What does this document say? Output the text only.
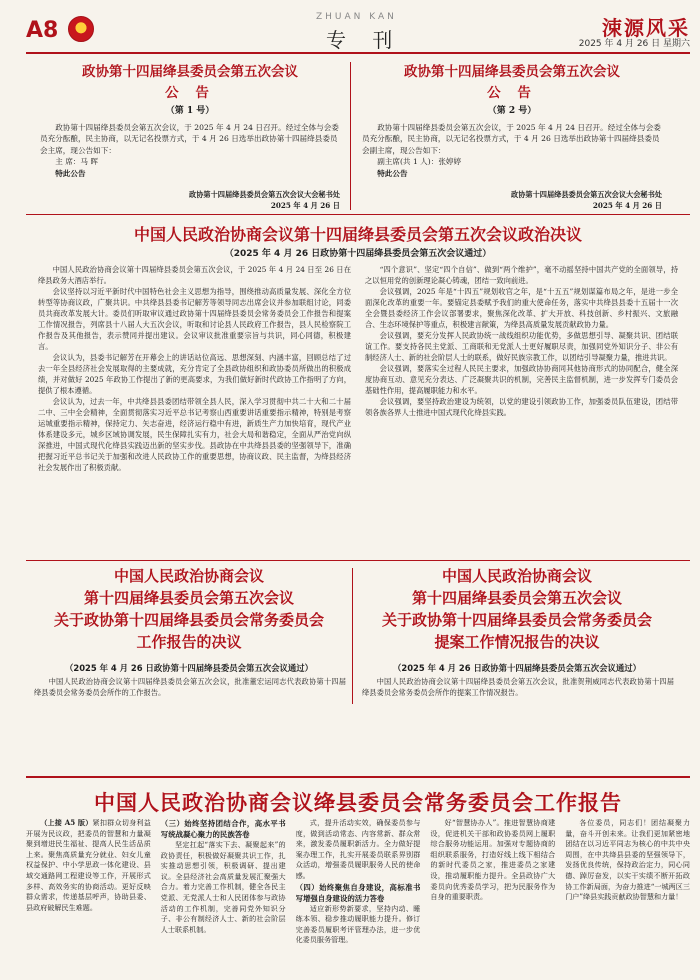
A8
ZHUAN KAN
专 刊	涑源风采
2025 年 4 月 26 日 星期六
政协第十四届绛县委员会第五次会议
公 告
（第 1 号）
政协第十四届绛县委员会第五次会议，于 2025 年 4 月 24 日召开。经过全体与会委员充分酝酿，民主协商，以无记名投票方式，于 4 月 26 日选举出政协第十四届绛县委员会主席，现公告如下：
主 席：马 晖
特此公告
政协第十四届绛县委员会第五次会议大会秘书处
2025 年 4 月 26 日
政协第十四届绛县委员会第五次会议
公 告
（第 2 号）
政协第十四届绛县委员会第五次会议，于 2025 年 4 月 24 日召开。经过全体与会委员充分酝酿，民主协商，以无记名投票方式，于 4 月 26 日选举出政协第十四届绛县委员会副主席，现公告如下：
副主席(共 1 人)：张婷婷
特此公告
政协第十四届绛县委员会第五次会议大会秘书处
2025 年 4 月 26 日
中国人民政治协商会议第十四届绛县委员会第五次会议政治决议
（2025 年 4 月 26 日政协第十四届绛县委员会第五次会议通过）

中国人民政治协商会议第十四届绛县委员会第五次会议，于 2025 年 4 月 24 日至 26 日在绛县政务大酒店举行。

会议坚持以习近平新时代中国特色社会主义思想为指导，围绕推动高质量发展、深化全方位转型等协商议政，广聚共识。中共绛县县委书记解芳等领导同志出席会议并参加联组讨论，同委员共商改革发展大计。委员们听取审议通过政协第十四届绛县委员会常务委员会工作报告和提案工作情况报告，列席县十八届人大五次会议，听取和讨论县人民政府工作报告，县人民检察院工作报告及其他报告，表示赞同并提出建议。会议审议批准重要宗旨与共识，同心同德，积极建言。

会议认为，县委书记解芳在开幕会上的讲话站位高远、思想深刻、内涵丰富，回顾总结了过去一年全县经济社会发展取得的主要成就，充分肯定了全县政协组织和政协委员所做出的积极成绩，并对做好 2025 年政协工作提出了新的更高要求，为我们做好新时代政协工作指明了方向，提供了根本遵循。

会议认为，过去一年，中共绛县县委团结带领全县人民，深入学习贯彻中共二十大和二十届二中、三中全会精神，全面贯彻落实习近平总书记考察山西重要讲话重要指示精神，特别是考察运城重要指示精神，保持定力、矢志奋进，经济运行稳中有进，新质生产力加快培育，现代产业体系建设多元，城乡区域协调发展，民生保障扎实有力，社会大局和谐稳定，全面从严治党向纵深推进，中国式现代化绛县实践迈出新的坚实步伐。县政协在中共绛县县委的坚强领导下，准确把握习近平总书记关于加强和改进人民政协工作的重要思想，协商议政、民主监督，为绛县经济社会发展作出了积极贡献。

“四个意识”、坚定“四个自信”、做到“两个维护”，毫不动摇坚持中国共产党的全面领导，持之以恒用党的创新理论凝心铸魂，团结一致向前进。

会议强调，2025 年是“十四五”规划收官之年，是“十五五”规划谋篇布局之年，是进一步全面深化改革的重要一年。要锚定县委赋予我们的重大使命任务，落实中共绛县县委十五届十一次全会暨县委经济工作会议部署要求，聚焦深化改革、扩大开放、科技创新、乡村振兴、文旅融合、生态环境保护等重点，积极建言献策，为绛县高质量发展贡献政协力量。

会议强调，要充分发挥人民政协统一战线组织功能优势，多做思想引导、凝聚共识、团结联谊工作。要支持各民主党派、工商联和无党派人士更好履职尽责，加强同党外知识分子、非公有制经济人士、新的社会阶层人士的联系，做好民族宗教工作，以团结引导凝聚力量，推进共识。

会议强调，要落实全过程人民民主要求，加强政协协商同其他协商形式的协同配合，健全深度协商互动、意见充分表达、广泛凝聚共识的机制，完善民主监督机制，进一步发挥专门委员会基础性作用，提高履职能力和水平。

会议强调，要坚持政治建设为统领，以党的建设引领政协工作，加强委员队伍建设，团结带领各族各界人士推进中国式现代化绛县实践。

中国人民政治协商会议
第十四届绛县委员会第五次会议
关于政协第十四届绛县委员会常务委员会
工作报告的决议
（2025 年 4 月 26 日政协第十四届绛县委员会第五次会议通过）
中国人民政治协商会议第十四届绛县委员会第五次会议，批准董宏运同志代表政协第十四届绛县委员会常务委员会所作的工作报告。
中国人民政治协商会议
第十四届绛县委员会第五次会议
关于政协第十四届绛县委员会常务委员会
提案工作情况报告的决议
（2025 年 4 月 26 日政协第十四届绛县委员会第五次会议通过）
中国人民政治协商会议第十四届绛县委员会第五次会议，批准贺荆威同志代表政协第十四届绛县委员会常务委员会所作的提案工作情况报告。
中国人民政治协商会议绛县委员会常务委员会工作报告

（上接 A5 版）紧扣群众切身利益开展为民议政，把委员的智慧和力量凝聚到增进民生福祉、提高人民生活品质上来。聚焦高质量充分就业、妇女儿童权益保护、中小学思政一体化建设、县域交通路网工程建设等工作，开展形式多样、高效务实的协商活动。更好反映群众需求，传递基层呼声，协助县委、县政府破解民生难题。

（三）始终坚持团结合作，高水平书写统战凝心聚力的民族答卷

坚定扛起“落实下去、凝聚起来”的政协责任，积极做好凝聚共识工作，扎实推动思想引领，积极调研、提出建议。全县经济社会高质量发展汇聚强大合力。着力完善工作机制，健全各民主党派、无党派人士和人民团体参与政协活动的工作机制，完善同党外知识分子、非公有制经济人士、新的社会阶层人士联系机制。

式，提升活动实效，确保委员参与度，做到活动常态、内容常新、群众常来，激发委员履职新活力。全力做好提案办理工作，扎实开展委员联系界别群众活动，增强委员履职服务人民的使命感。

（四）始终聚焦自身建设，高标准书写增强自身建设的活力答卷

适应新形势新要求，坚持内动、睡练本领、稳步推动履职能力提升。修订完善委员履职考评管理办法，进一步优化委员服务管理。

好“智慧协办人”。推进智慧协商建设，促进机关干部和政协委员网上履职综合服务功能运用。加强对专题协商的组织联系服务，打造好线上线下相结合的新时代委员之家，推进委员之家建设，推动履职能力提升。全县政协广大委员向优秀委员学习，把为民服务作为自身的重要职责。

各位委员，同志们！团结凝聚力量，奋斗开创未来。让我们更加紧密地团结在以习近平同志为核心的中共中央周围，在中共绛县县委的坚强领导下，发扬优良传统，保持政治定力，同心同德、踔厉奋发，以实干实绩不断开拓政协工作新局面，为奋力推进“一城两区三门户”绛县实践贡献政协智慧和力量！
